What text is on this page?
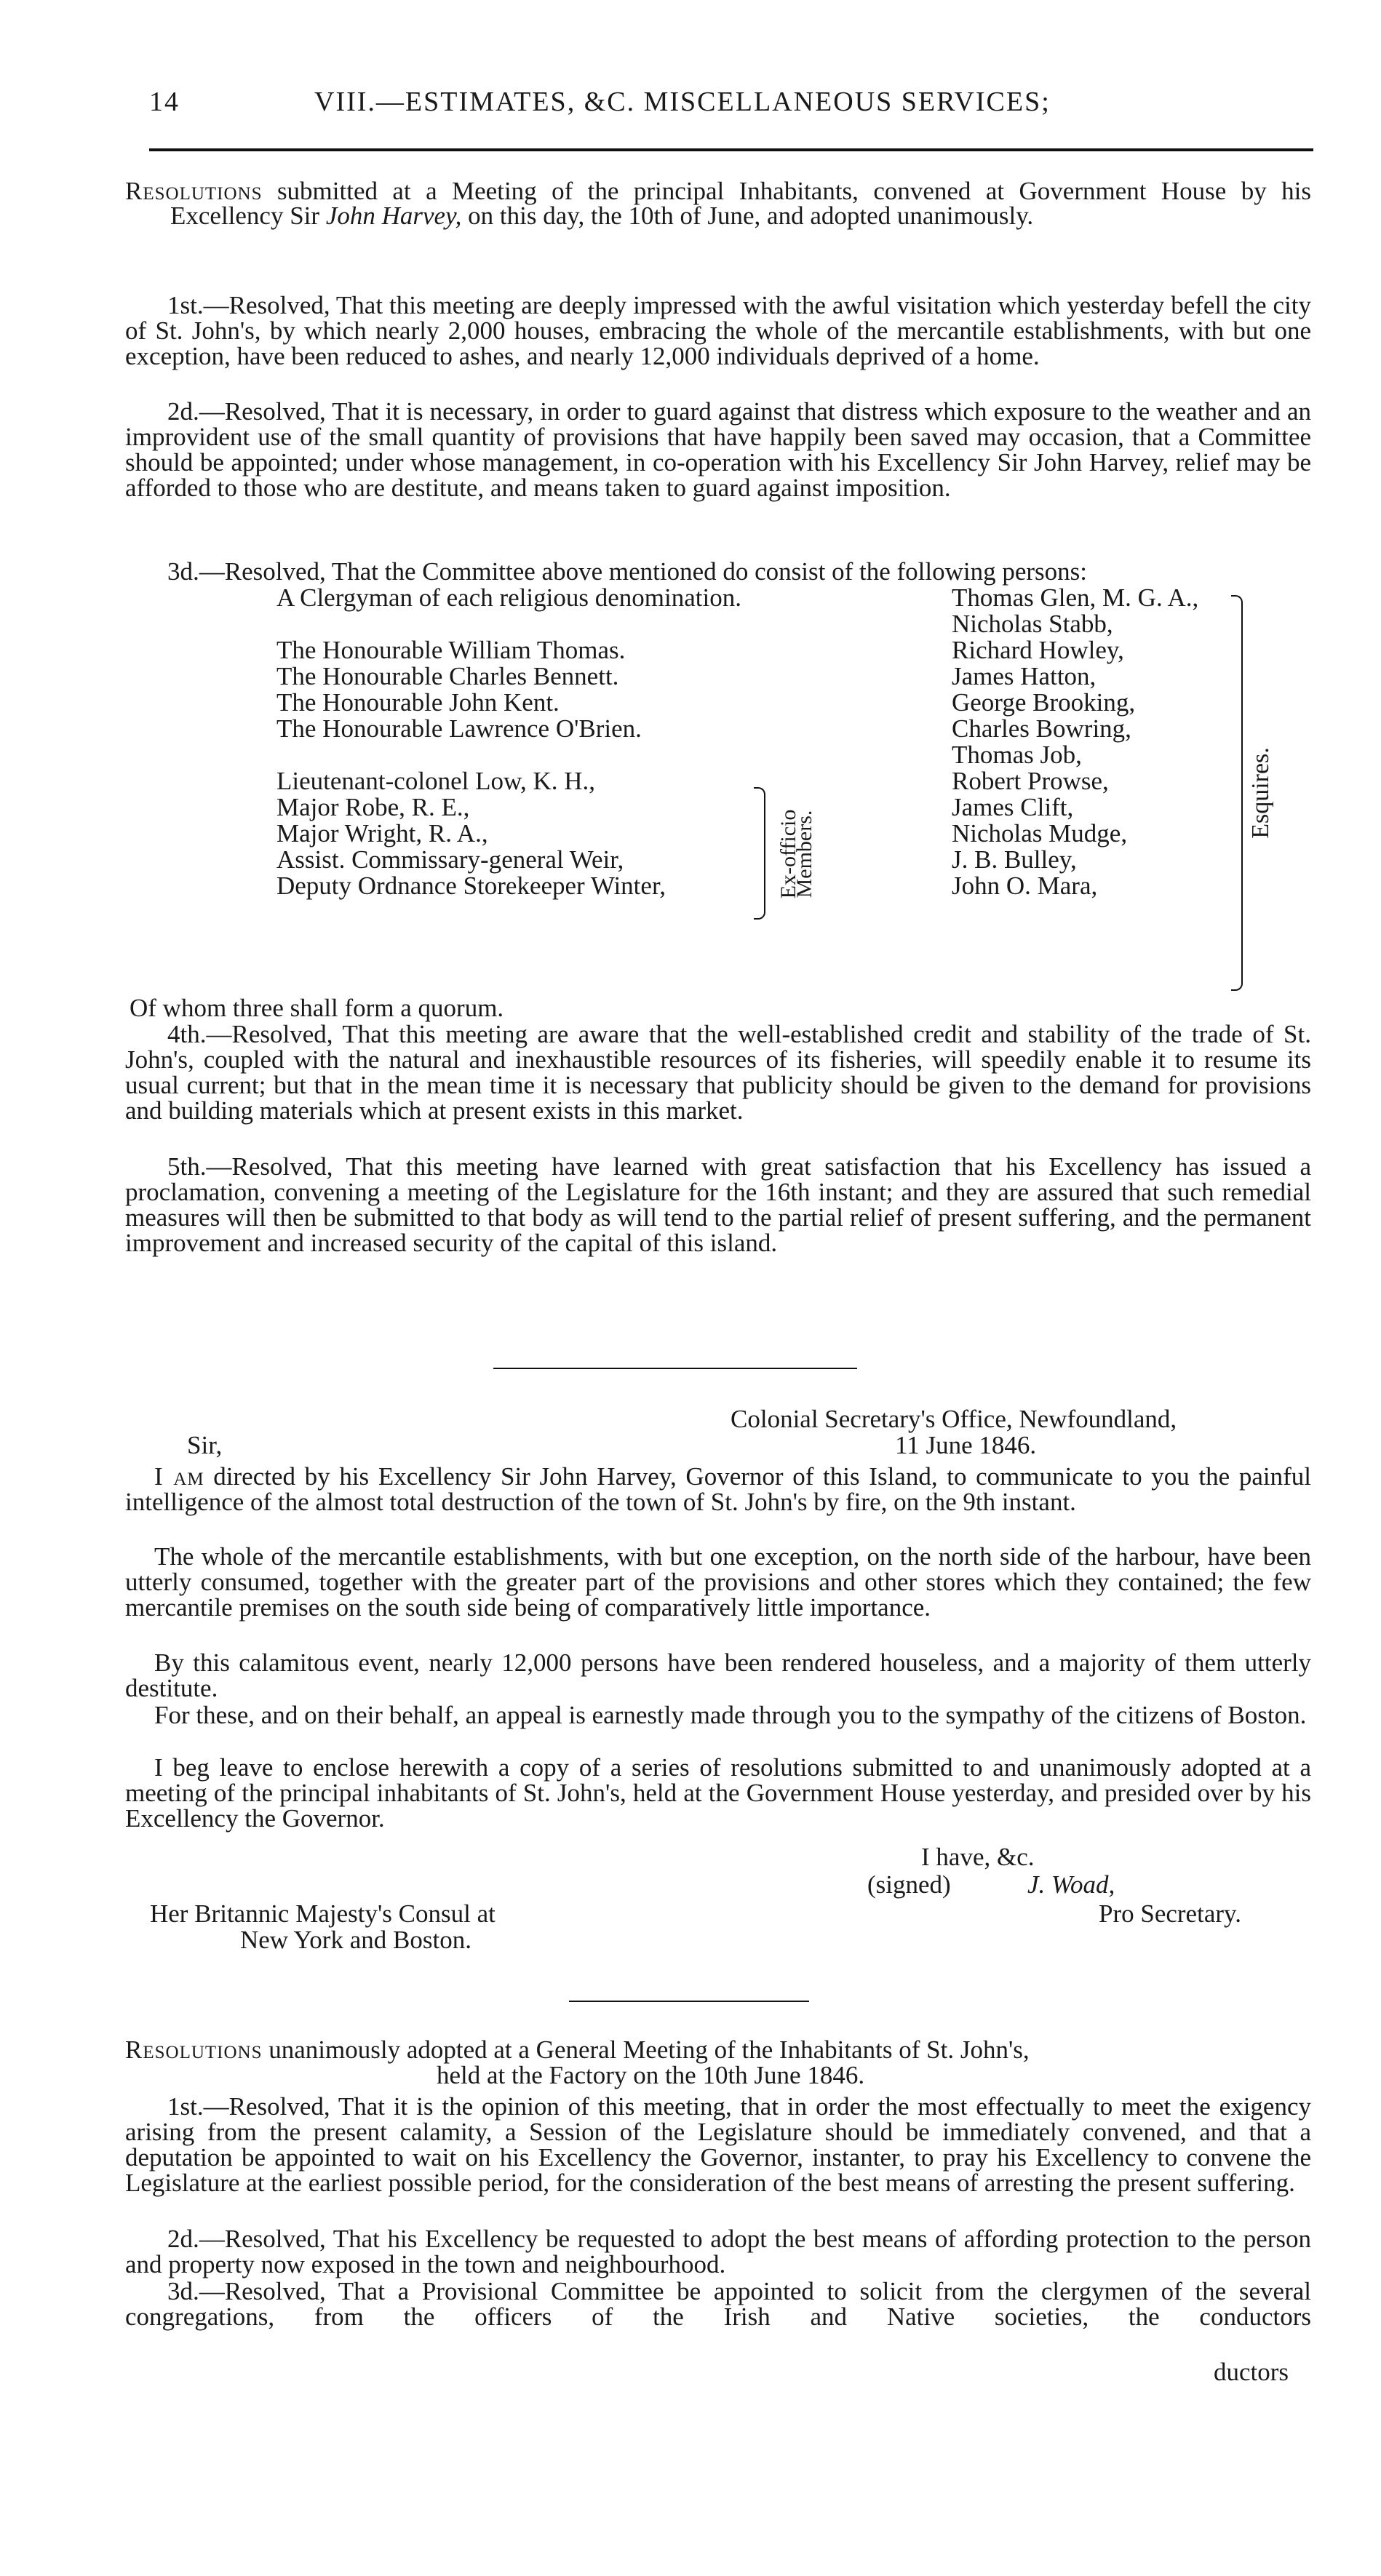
14	VIII.—ESTIMATES, &C. MISCELLANEOUS SERVICES;

Resolutions submitted at a Meeting of the principal Inhabitants, convened at Government House by his Excellency Sir John Harvey, on this day, the 10th of June, and adopted unanimously.

1st.—Resolved, That this meeting are deeply impressed with the awful visitation which yesterday befell the city of St. John's, by which nearly 2,000 houses, embracing the whole of the mercantile establishments, with but one exception, have been reduced to ashes, and nearly 12,000 individuals deprived of a home.

2d.—Resolved, That it is necessary, in order to guard against that distress which exposure to the weather and an improvident use of the small quantity of provisions that have happily been saved may occasion, that a Committee should be appointed; under whose management, in co-operation with his Excellency Sir John Harvey, relief may be afforded to those who are destitute, and means taken to guard against imposition.

3d.—Resolved, That the Committee above mentioned do consist of the following persons:

A Clergyman of each religious denomination.
The Honourable William Thomas.
The Honourable Charles Bennett.
The Honourable John Kent.
The Honourable Lawrence O'Brien.
Lieutenant-colonel Low, K. H.,
Major Robe, R. E.,
Major Wright, R. A.,
Assist. Commissary-general Weir,
Deputy Ordnance Storekeeper Winter,	Ex-officio Members.
Thomas Glen, M. G. A.,
Nicholas Stabb,
Richard Howley,
James Hatton,
George Brooking,
Charles Bowring,
Thomas Job,
Robert Prowse,
James Clift,
Nicholas Mudge,
J. B. Bulley,
John O. Mara,
Esquires.

Of whom three shall form a quorum.

4th.—Resolved, That this meeting are aware that the well-established credit and stability of the trade of St. John's, coupled with the natural and inexhaustible resources of its fisheries, will speedily enable it to resume its usual current; but that in the mean time it is necessary that publicity should be given to the demand for provisions and building materials which at present exists in this market.

5th.—Resolved, That this meeting have learned with great satisfaction that his Excellency has issued a proclamation, convening a meeting of the Legislature for the 16th instant; and they are assured that such remedial measures will then be submitted to that body as will tend to the partial relief of present suffering, and the permanent improvement and increased security of the capital of this island.

Colonial Secretary's Office, Newfoundland,
Sir,	11 June 1846.

I am directed by his Excellency Sir John Harvey, Governor of this Island, to communicate to you the painful intelligence of the almost total destruction of the town of St. John's by fire, on the 9th instant.

The whole of the mercantile establishments, with but one exception, on the north side of the harbour, have been utterly consumed, together with the greater part of the provisions and other stores which they contained; the few mercantile premises on the south side being of comparatively little importance.

By this calamitous event, nearly 12,000 persons have been rendered houseless, and a majority of them utterly destitute.

For these, and on their behalf, an appeal is earnestly made through you to the sympathy of the citizens of Boston.

I beg leave to enclose herewith a copy of a series of resolutions submitted to and unanimously adopted at a meeting of the principal inhabitants of St. John's, held at the Government House yesterday, and presided over by his Excellency the Governor.

I have, &c.
(signed)	J. Woad,
Her Britannic Majesty's Consul at	Pro Secretary.
New York and Boston.

Resolutions unanimously adopted at a General Meeting of the Inhabitants of St. John's,

held at the Factory on the 10th June 1846.

1st.—Resolved, That it is the opinion of this meeting, that in order the most effectually to meet the exigency arising from the present calamity, a Session of the Legislature should be immediately convened, and that a deputation be appointed to wait on his Excellency the Governor, instanter, to pray his Excellency to convene the Legislature at the earliest possible period, for the consideration of the best means of arresting the present suffering.

2d.—Resolved, That his Excellency be requested to adopt the best means of affording protection to the person and property now exposed in the town and neighbourhood.

3d.—Resolved, That a Provisional Committee be appointed to solicit from the clergymen of the several congregations, from the officers of the Irish and Native societies, the conductors

ductors
